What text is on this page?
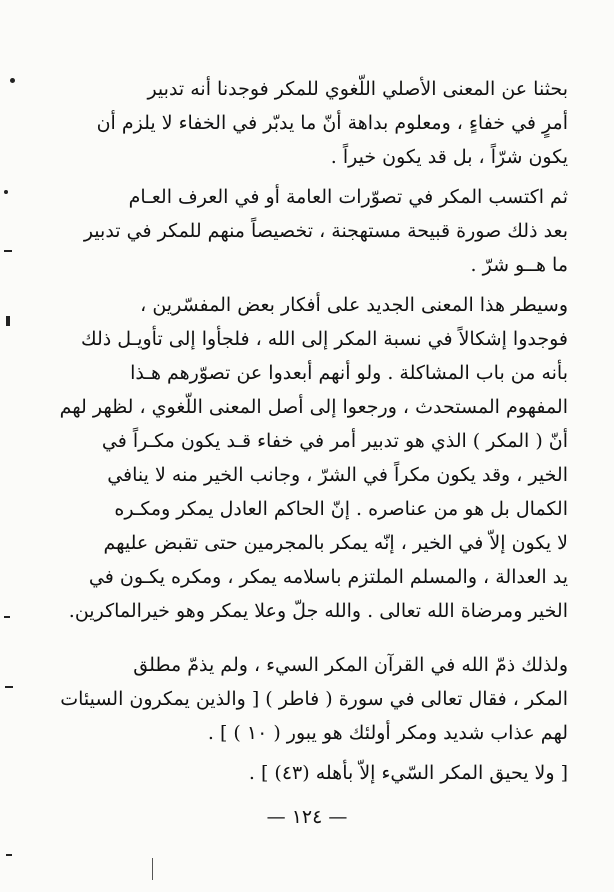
بحثنا عن المعنى الأصلي اللّغوي للمكر فوجدنا أنه تدبير
أمرٍ في خفاءٍ ، ومعلوم بداهة أنّ ما يدبّر في الخفاء لا يلزم أن
يكون شرّاً ، بل قد يكون خيراً .

ثم اكتسب المكر في تصوّرات العامة أو في العرف العـام
بعد ذلك صورة قبيحة مستهجنة ، تخصيصاً منهم للمكر في تدبير
ما هــو شرّ .

وسيطر هذا المعنى الجديد على أفكار بعض المفسّرين ،
فوجدوا إشكالاً في نسبة المكر إلى الله ، فلجأوا إلى تأويـل ذلك
بأنه من باب المشاكلة . ولو أنهم أبعدوا عن تصوّرهم هـذا
المفهوم المستحدث ، ورجعوا إلى أصل المعنى اللّغوي ، لظهر لهم
أنّ ( المكر ) الذي هو تدبير أمر في خفاء قـد يكون مكـراً في
الخير ، وقد يكون مكراً في الشرّ ، وجانب الخير منه لا ينافي
الكمال بل هو من عناصره . إنّ الحاكم العادل يمكر ومكـره
لا يكون إلاّ في الخير ، إنّه يمكر بالمجرمين حتى تقبض عليهم
يد العدالة ، والمسلم الملتزم باسلامه يمكر ، ومكره يكـون في
الخير ومرضاة الله تعالى . والله جلّ وعلا يمكر وهو خيرالماكرين.

ولذلك ذمّ الله في القرآن المكر السيء ، ولم يذمّ مطلق
المكر ، فقال تعالى في سورة ( فاطر ) [ والذين يمكرون السيئات
لهم عذاب شديد ومكر أولئك هو يبور ( ١٠ ) ] .

[ ولا يحيق المكر السّيء إلاّ بأهله (٤٣) ] .

— ١٢٤ —
